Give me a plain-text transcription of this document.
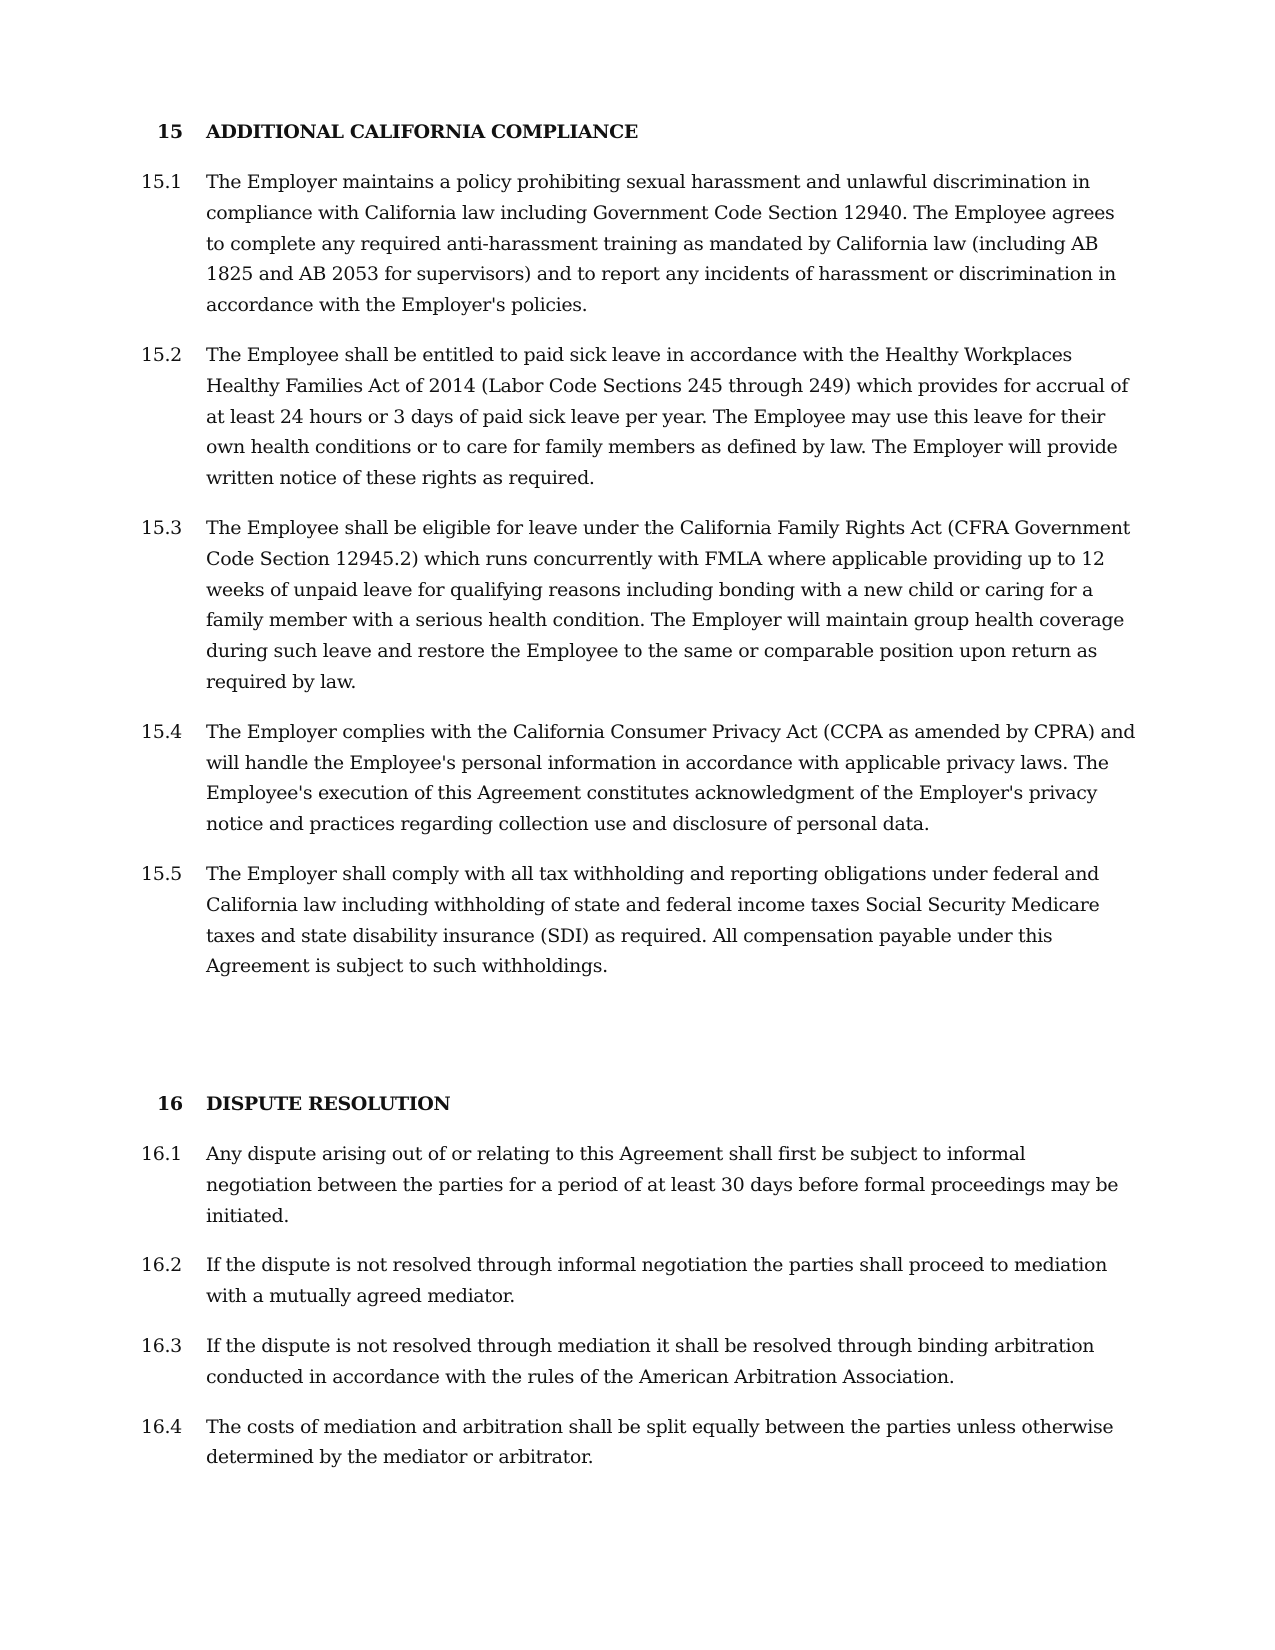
15 ADDITIONAL CALIFORNIA COMPLIANCE
15.1 The Employer maintains a policy prohibiting sexual harassment and unlawful discrimination in compliance with California law including Government Code Section 12940. The Employee agrees to complete any required anti-harassment training as mandated by California law (including AB 1825 and AB 2053 for supervisors) and to report any incidents of harassment or discrimination in accordance with the Employer's policies.
15.2 The Employee shall be entitled to paid sick leave in accordance with the Healthy Workplaces Healthy Families Act of 2014 (Labor Code Sections 245 through 249) which provides for accrual of at least 24 hours or 3 days of paid sick leave per year. The Employee may use this leave for their own health conditions or to care for family members as defined by law. The Employer will provide written notice of these rights as required.
15.3 The Employee shall be eligible for leave under the California Family Rights Act (CFRA Government Code Section 12945.2) which runs concurrently with FMLA where applicable providing up to 12 weeks of unpaid leave for qualifying reasons including bonding with a new child or caring for a family member with a serious health condition. The Employer will maintain group health coverage during such leave and restore the Employee to the same or comparable position upon return as required by law.
15.4 The Employer complies with the California Consumer Privacy Act (CCPA as amended by CPRA) and will handle the Employee's personal information in accordance with applicable privacy laws. The Employee's execution of this Agreement constitutes acknowledgment of the Employer's privacy notice and practices regarding collection use and disclosure of personal data.
15.5 The Employer shall comply with all tax withholding and reporting obligations under federal and California law including withholding of state and federal income taxes Social Security Medicare taxes and state disability insurance (SDI) as required. All compensation payable under this Agreement is subject to such withholdings.
16 DISPUTE RESOLUTION
16.1 Any dispute arising out of or relating to this Agreement shall first be subject to informal negotiation between the parties for a period of at least 30 days before formal proceedings may be initiated.
16.2 If the dispute is not resolved through informal negotiation the parties shall proceed to mediation with a mutually agreed mediator.
16.3 If the dispute is not resolved through mediation it shall be resolved through binding arbitration conducted in accordance with the rules of the American Arbitration Association.
16.4 The costs of mediation and arbitration shall be split equally between the parties unless otherwise determined by the mediator or arbitrator.
